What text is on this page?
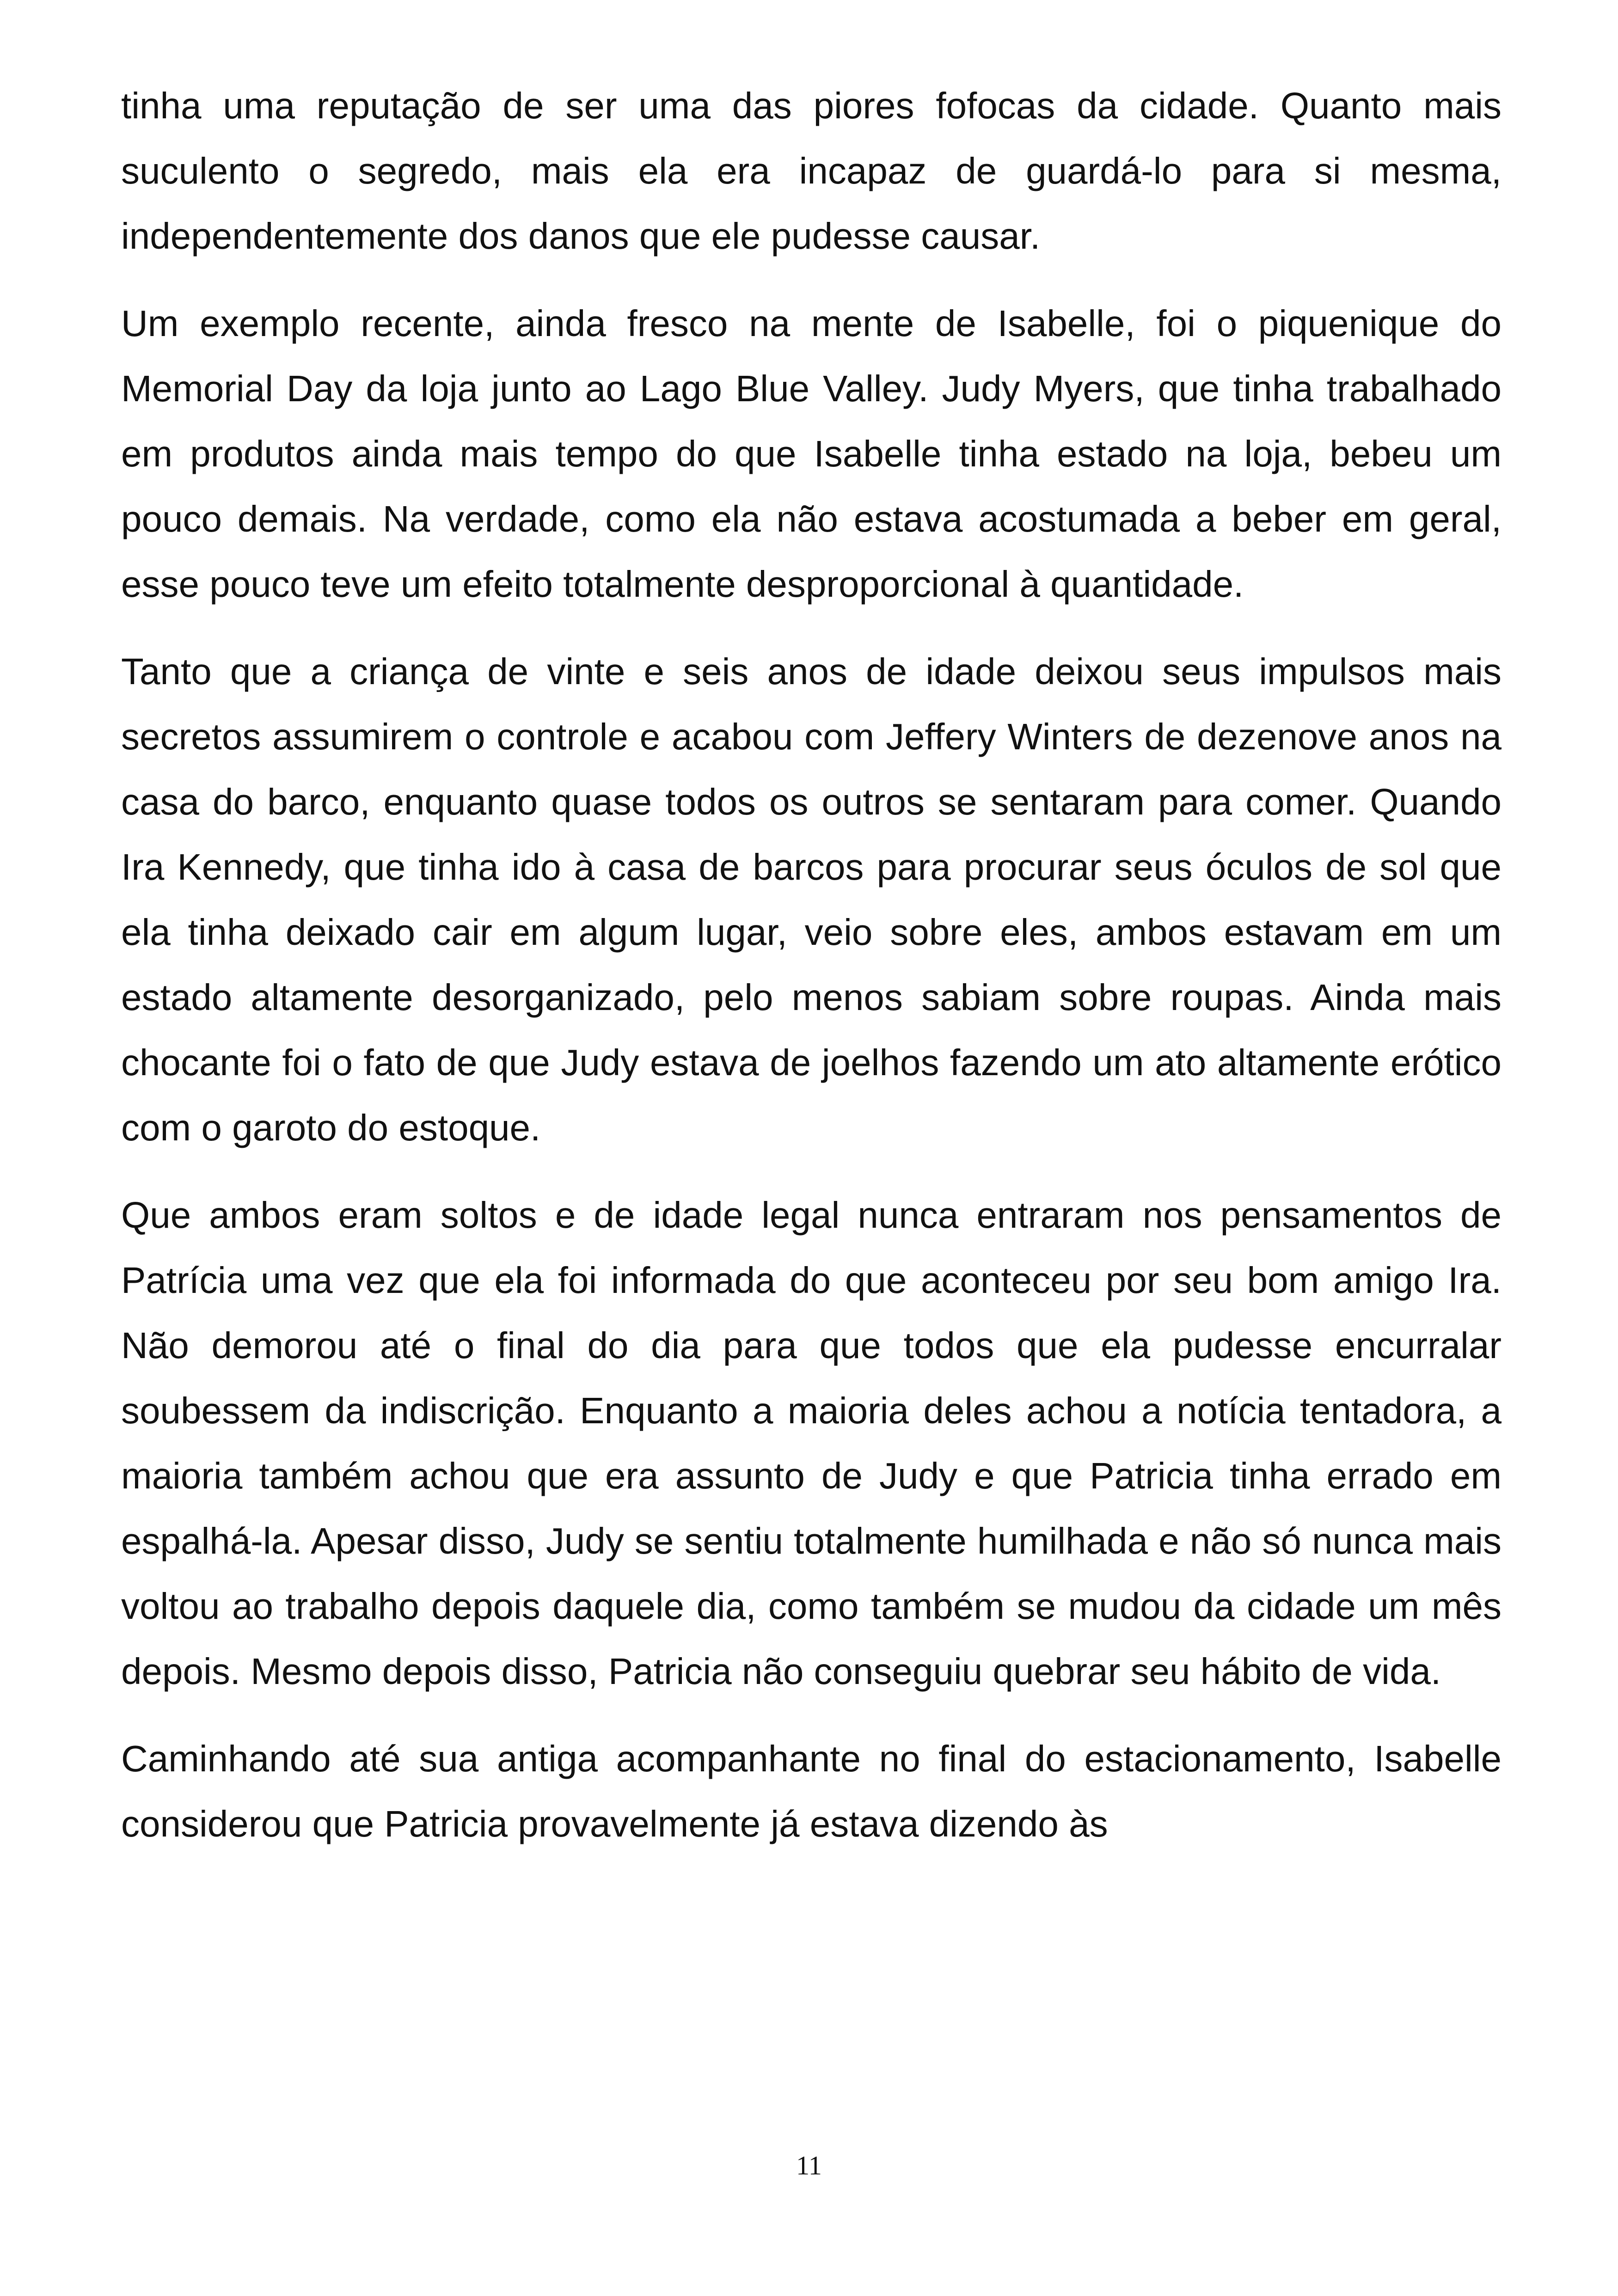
tinha uma reputação de ser uma das piores fofocas da cidade. Quanto mais suculento o segredo, mais ela era incapaz de guardá-lo para si mesma, independentemente dos danos que ele pudesse causar.

Um exemplo recente, ainda fresco na mente de Isabelle, foi o piquenique do Memorial Day da loja junto ao Lago Blue Valley. Judy Myers, que tinha trabalhado em produtos ainda mais tempo do que Isabelle tinha estado na loja, bebeu um pouco demais. Na verdade, como ela não estava acostumada a beber em geral, esse pouco teve um efeito totalmente desproporcional à quantidade.

Tanto que a criança de vinte e seis anos de idade deixou seus impulsos mais secretos assumirem o controle e acabou com Jeffery Winters de dezenove anos na casa do barco, enquanto quase todos os outros se sentaram para comer. Quando Ira Kennedy, que tinha ido à casa de barcos para procurar seus óculos de sol que ela tinha deixado cair em algum lugar, veio sobre eles, ambos estavam em um estado altamente desorganizado, pelo menos sabiam sobre roupas. Ainda mais chocante foi o fato de que Judy estava de joelhos fazendo um ato altamente erótico com o garoto do estoque.

Que ambos eram soltos e de idade legal nunca entraram nos pensamentos de Patrícia uma vez que ela foi informada do que aconteceu por seu bom amigo Ira. Não demorou até o final do dia para que todos que ela pudesse encurralar soubessem da indiscrição. Enquanto a maioria deles achou a notícia tentadora, a maioria também achou que era assunto de Judy e que Patricia tinha errado em espalhá-la. Apesar disso, Judy se sentiu totalmente humilhada e não só nunca mais voltou ao trabalho depois daquele dia, como também se mudou da cidade um mês depois. Mesmo depois disso, Patricia não conseguiu quebrar seu hábito de vida.

Caminhando até sua antiga acompanhante no final do estacionamento, Isabelle considerou que Patricia provavelmente já estava dizendo às

11
